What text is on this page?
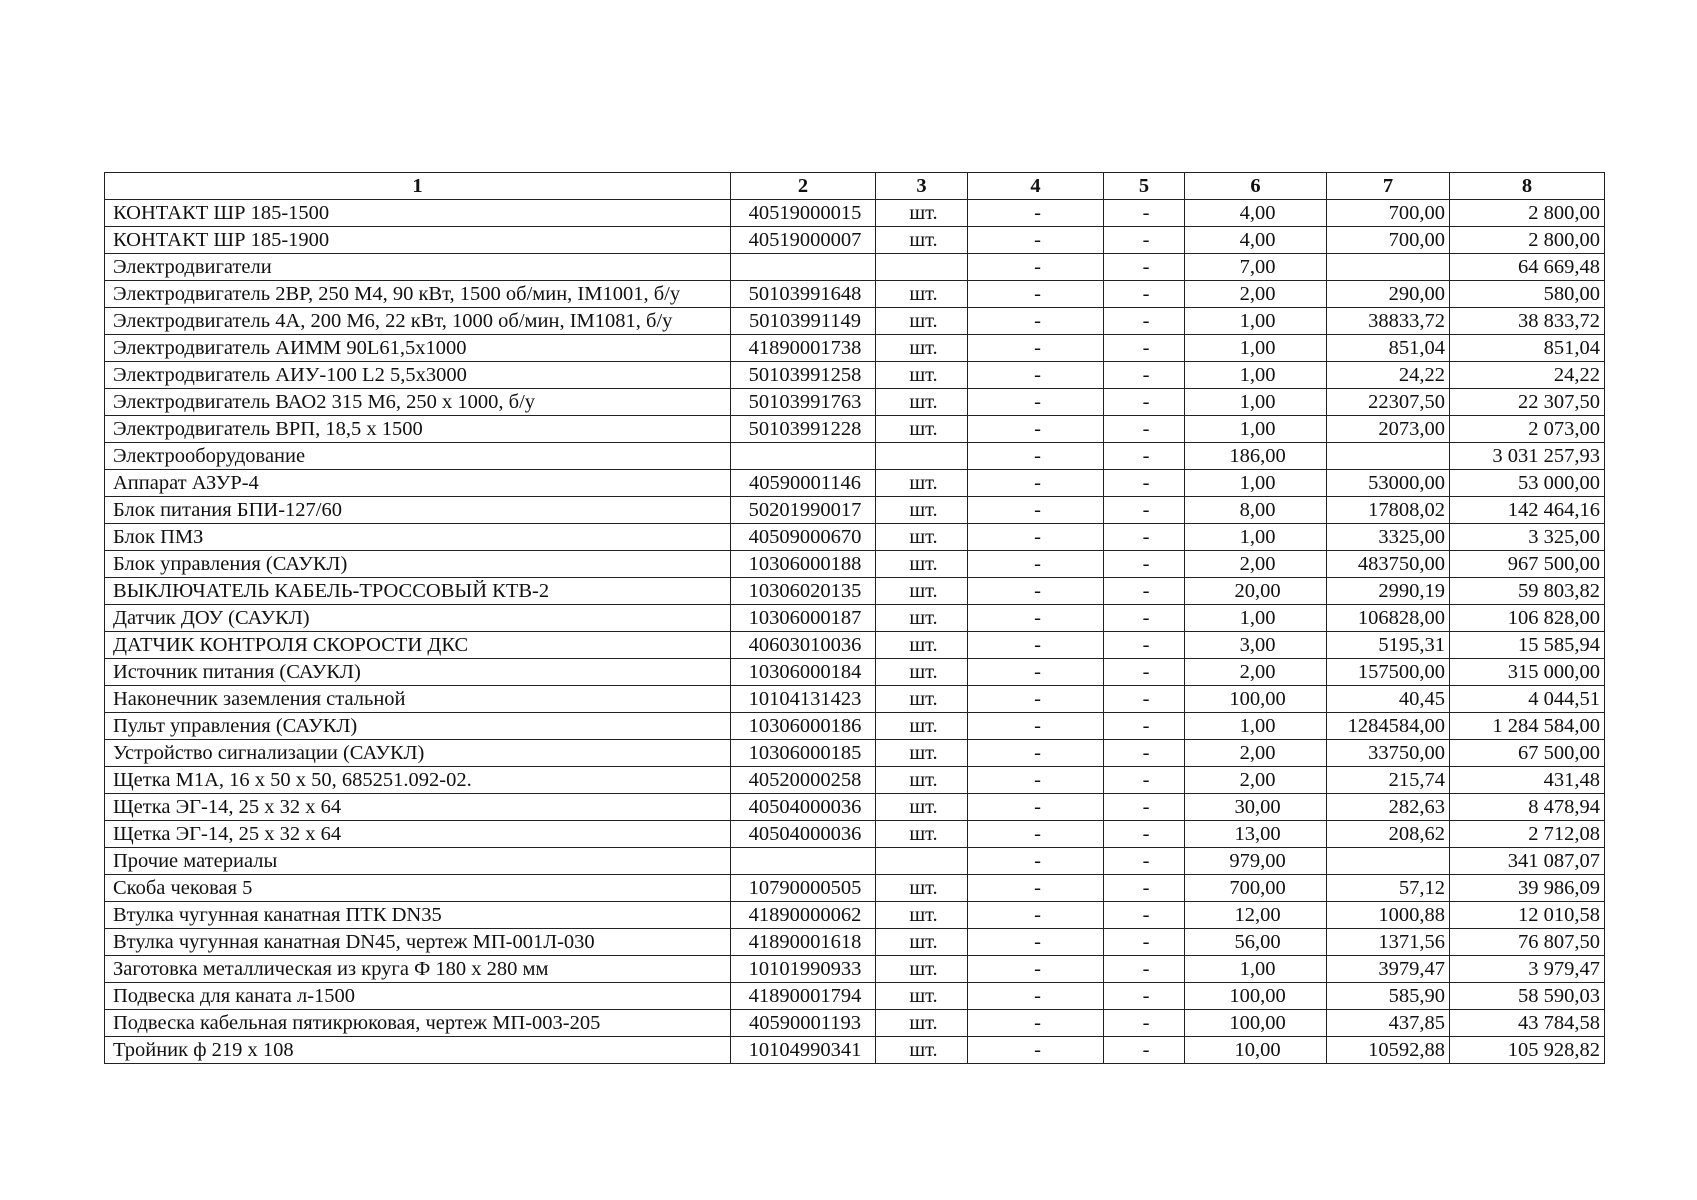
1	2	3	4	5	6	7	8
КОНТАКТ ШР 185-1500	40519000015	шт.	-	-	4,00	700,00	2 800,00
КОНТАКТ ШР 185-1900	40519000007	шт.	-	-	4,00	700,00	2 800,00
Электродвигатели			-	-	7,00		64 669,48
Электродвигатель 2ВР, 250 М4, 90 кВт, 1500 об/мин, IМ1001, б/у	50103991648	шт.	-	-	2,00	290,00	580,00
Электродвигатель 4А, 200 М6, 22 кВт, 1000 об/мин, IМ1081, б/у	50103991149	шт.	-	-	1,00	38833,72	38 833,72
Электродвигатель АИММ 90L61,5х1000	41890001738	шт.	-	-	1,00	851,04	851,04
Электродвигатель АИУ-100 L2 5,5х3000	50103991258	шт.	-	-	1,00	24,22	24,22
Электродвигатель ВАО2 315 М6, 250 х 1000, б/у	50103991763	шт.	-	-	1,00	22307,50	22 307,50
Электродвигатель ВРП, 18,5 х 1500	50103991228	шт.	-	-	1,00	2073,00	2 073,00
Электрооборудование			-	-	186,00		3 031 257,93
Аппарат АЗУР-4	40590001146	шт.	-	-	1,00	53000,00	53 000,00
Блок питания БПИ-127/60	50201990017	шт.	-	-	8,00	17808,02	142 464,16
Блок ПМЗ	40509000670	шт.	-	-	1,00	3325,00	3 325,00
Блок управления (САУКЛ)	10306000188	шт.	-	-	2,00	483750,00	967 500,00
ВЫКЛЮЧАТЕЛЬ КАБЕЛЬ-ТРОССОВЫЙ КТВ-2	10306020135	шт.	-	-	20,00	2990,19	59 803,82
Датчик ДОУ (САУКЛ)	10306000187	шт.	-	-	1,00	106828,00	106 828,00
ДАТЧИК КОНТРОЛЯ СКОРОСТИ ДКС	40603010036	шт.	-	-	3,00	5195,31	15 585,94
Источник питания (САУКЛ)	10306000184	шт.	-	-	2,00	157500,00	315 000,00
Наконечник заземления стальной	10104131423	шт.	-	-	100,00	40,45	4 044,51
Пульт управления (САУКЛ)	10306000186	шт.	-	-	1,00	1284584,00	1 284 584,00
Устройство сигнализации (САУКЛ)	10306000185	шт.	-	-	2,00	33750,00	67 500,00
Щетка М1А, 16 х 50 х 50, 685251.092-02.	40520000258	шт.	-	-	2,00	215,74	431,48
Щетка ЭГ-14, 25 х 32 х 64	40504000036	шт.	-	-	30,00	282,63	8 478,94
Щетка ЭГ-14, 25 х 32 х 64	40504000036	шт.	-	-	13,00	208,62	2 712,08
Прочие материалы			-	-	979,00		341 087,07
Скоба чековая 5	10790000505	шт.	-	-	700,00	57,12	39 986,09
Втулка чугунная канатная ПТК DN35	41890000062	шт.	-	-	12,00	1000,88	12 010,58
Втулка чугунная канатная DN45, чертеж МП-001Л-030	41890001618	шт.	-	-	56,00	1371,56	76 807,50
Заготовка металлическая из круга Ф 180 х 280 мм	10101990933	шт.	-	-	1,00	3979,47	3 979,47
Подвеска для каната л-1500	41890001794	шт.	-	-	100,00	585,90	58 590,03
Подвеска кабельная пятикрюковая, чертеж МП-003-205	40590001193	шт.	-	-	100,00	437,85	43 784,58
Тройник ф 219 х 108	10104990341	шт.	-	-	10,00	10592,88	105 928,82
